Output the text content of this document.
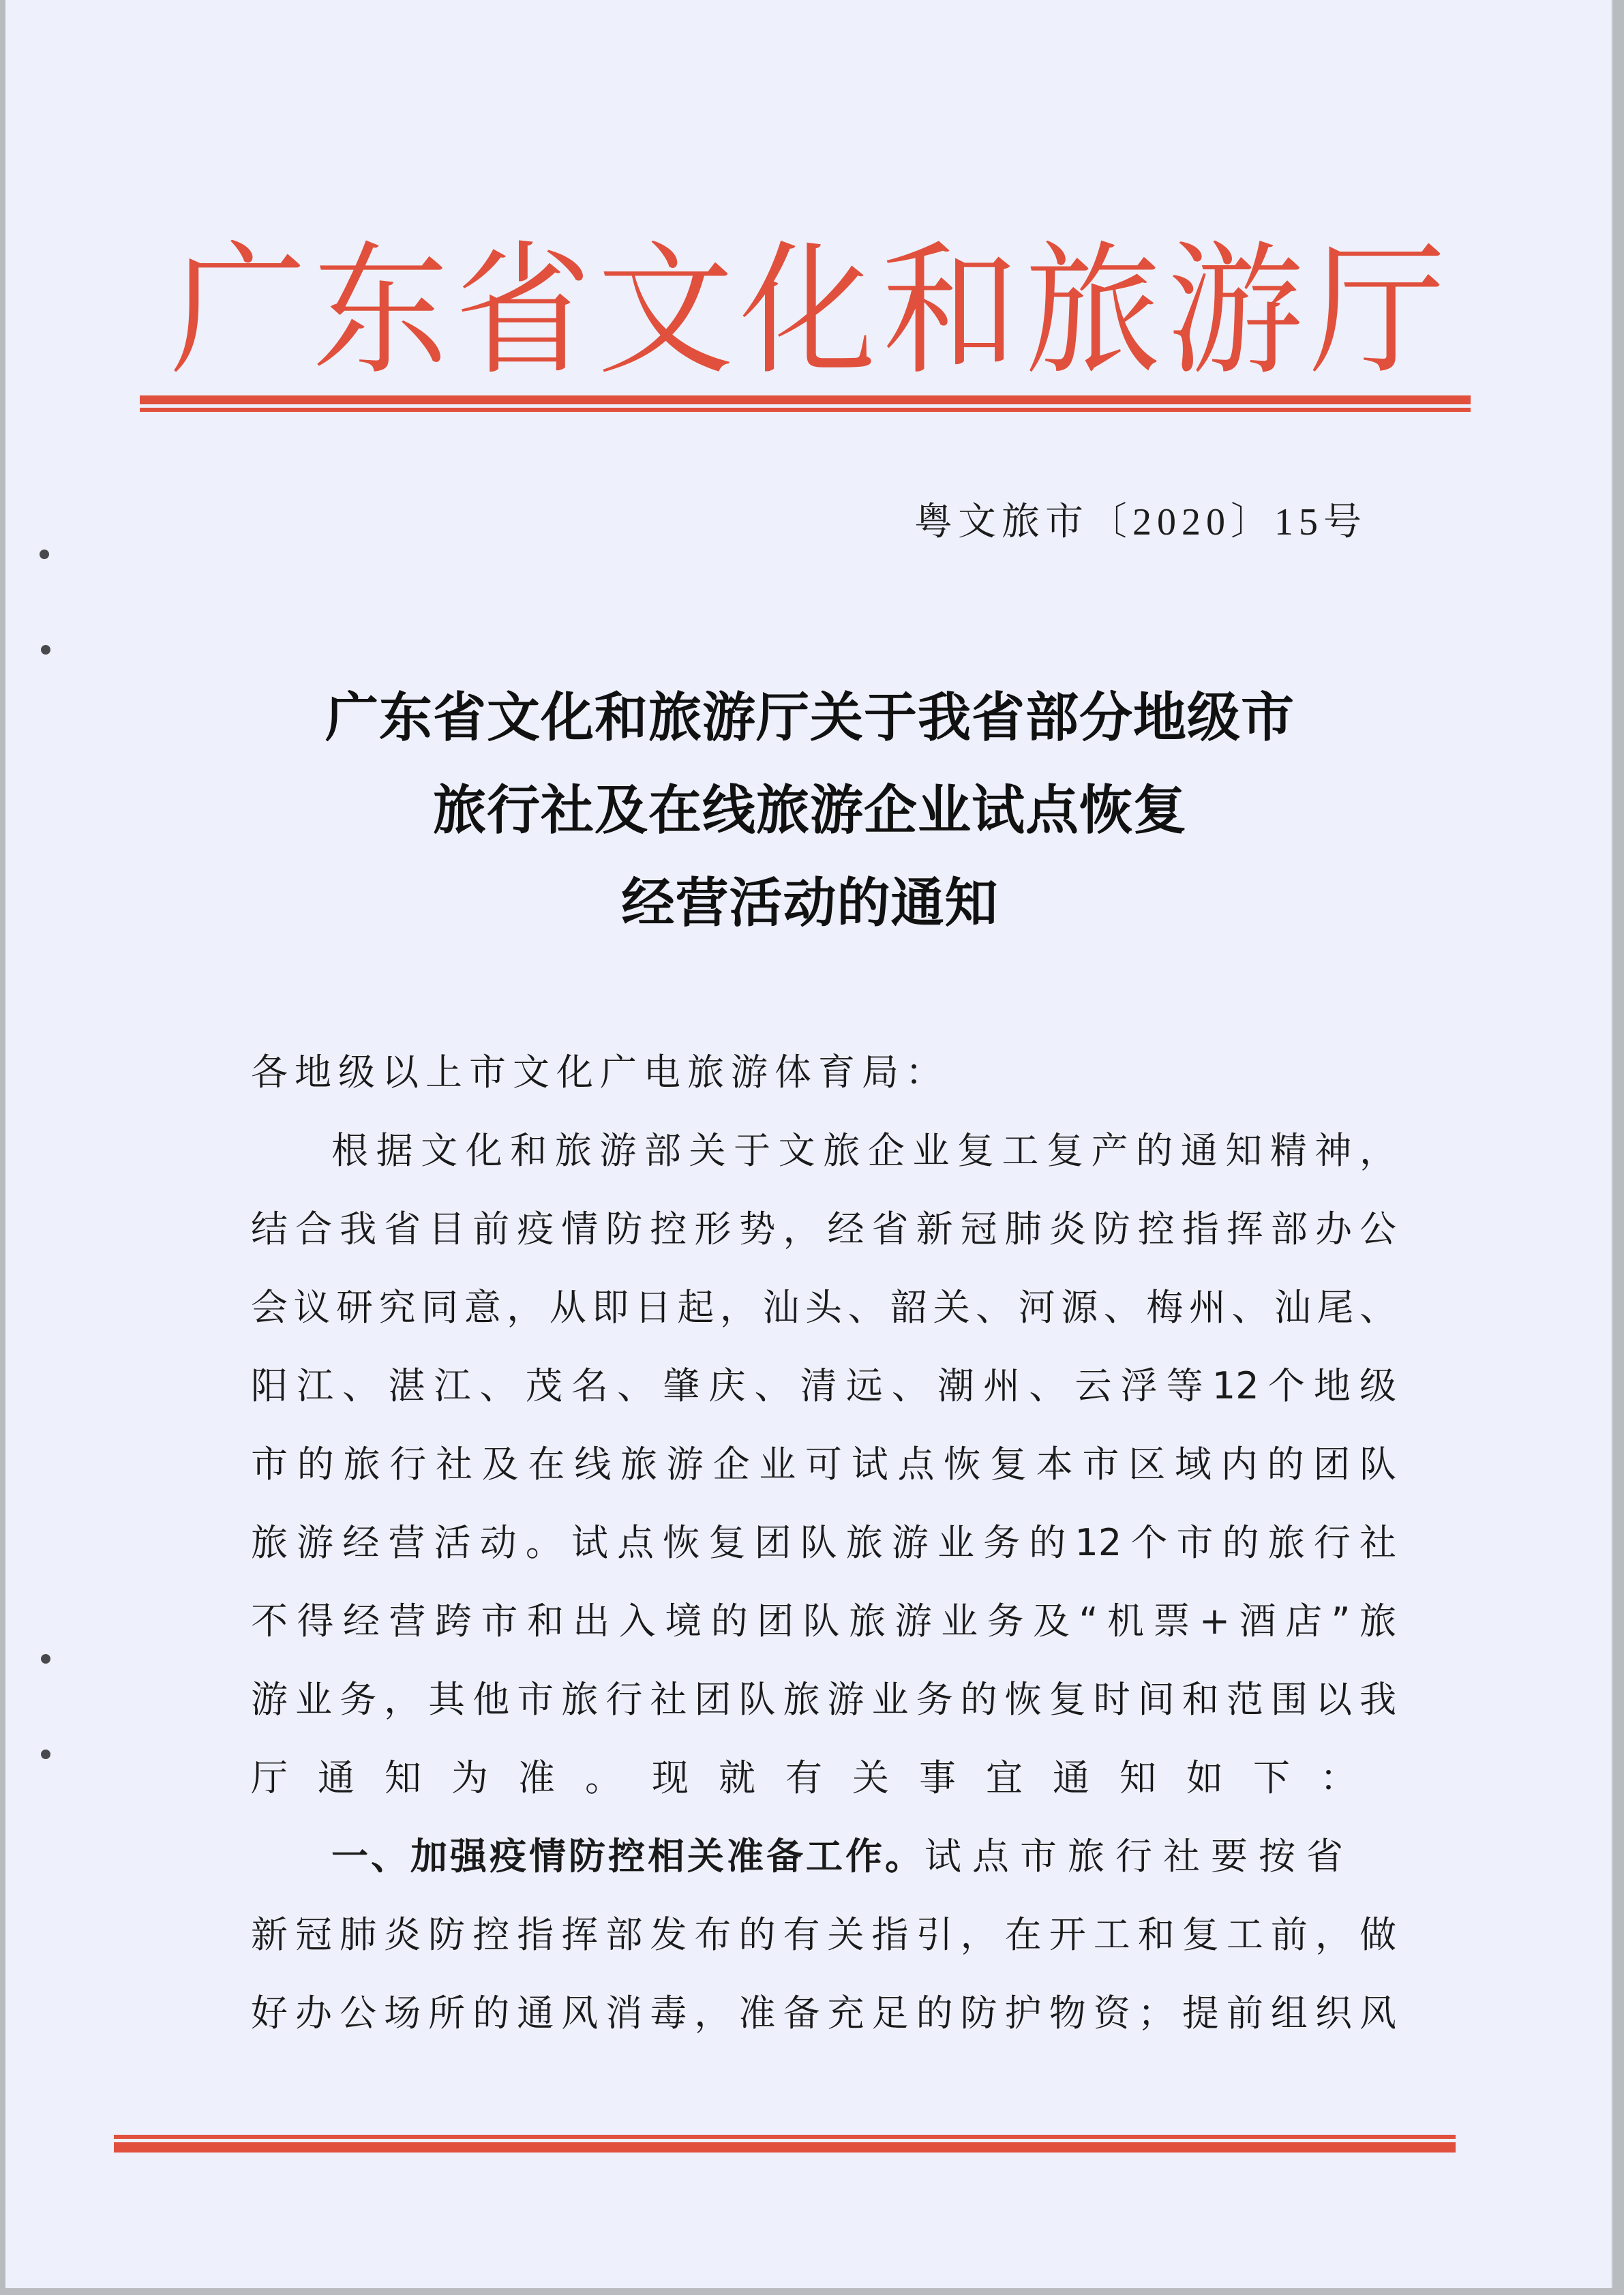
广 东 省 文 化 和 旅 游 厅
粤文旅市〔2020〕15号
广东省文化和旅游厅关于我省部分地级市
旅行社及在线旅游企业试点恢复
经营活动的通知
各地级以上市文化广电旅游体育局：
根据文化和旅游部关于文旅企业复工复产的通知精神，
结合我省目前疫情防控形势，经省新冠肺炎防控指挥部办公
会议研究同意，从即日起，汕头、韶关、河源、梅州、汕尾、
阳江、湛江、茂名、肇庆、清远、潮州、云浮等12个地级
市的旅行社及在线旅游企业可试点恢复本市区域内的团队
旅游经营活动。试点恢复团队旅游业务的12个市的旅行社
不得经营跨市和出入境的团队旅游业务及“机票+酒店”旅
游业务，其他市旅行社团队旅游业务的恢复时间和范围以我
厅通知为准。现就有关事宜通知如下：
一、加强疫情防控相关准备工作。 试点市旅行社要按省
新冠肺炎防控指挥部发布的有关指引，在开工和复工前，做
好办公场所的通风消毒，准备充足的防护物资；提前组织风
